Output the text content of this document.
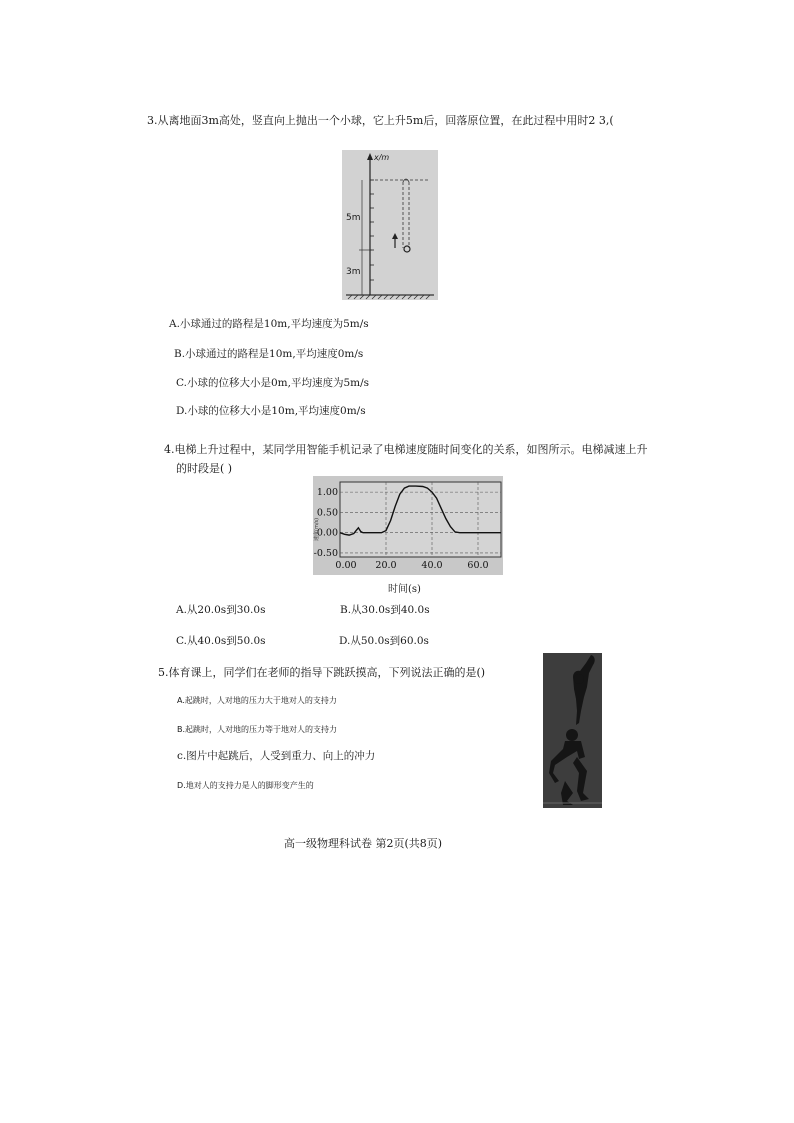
3.从离地面3m高处，竖直向上抛出一个小球，它上升5m后，回落原位置，在此过程中用时2 3,(
x/m
5m
3m
A.小球通过的路程是10m,平均速度为5m/s
B.小球通过的路程是10m,平均速度0m/s
C.小球的位移大小是0m,平均速度为5m/s
D.小球的位移大小是10m,平均速度0m/s
4.电梯上升过程中，某同学用智能手机记录了电梯速度随时间变化的关系，如图所示。电梯减速上升
的时段是( )
1.00
0.50
0.00
-0.50
0.00 20.0	40.0	60.0
速度(m/s)
时间(s)
A.从20.0s到30.0s	B.从30.0s到40.0s
C.从40.0s到50.0s	D.从50.0s到60.0s
5.体育课上，同学们在老师的指导下跳跃摸高，下列说法正确的是()
A.起跳时，人对地的压力大于地对人的支持力
B.起跳时，人对地的压力等于地对人的支持力
c.图片中起跳后，人受到重力、向上的冲力
D.地对人的支持力是人的脚形变产生的
高一级物理科试卷 第2页(共8页)
